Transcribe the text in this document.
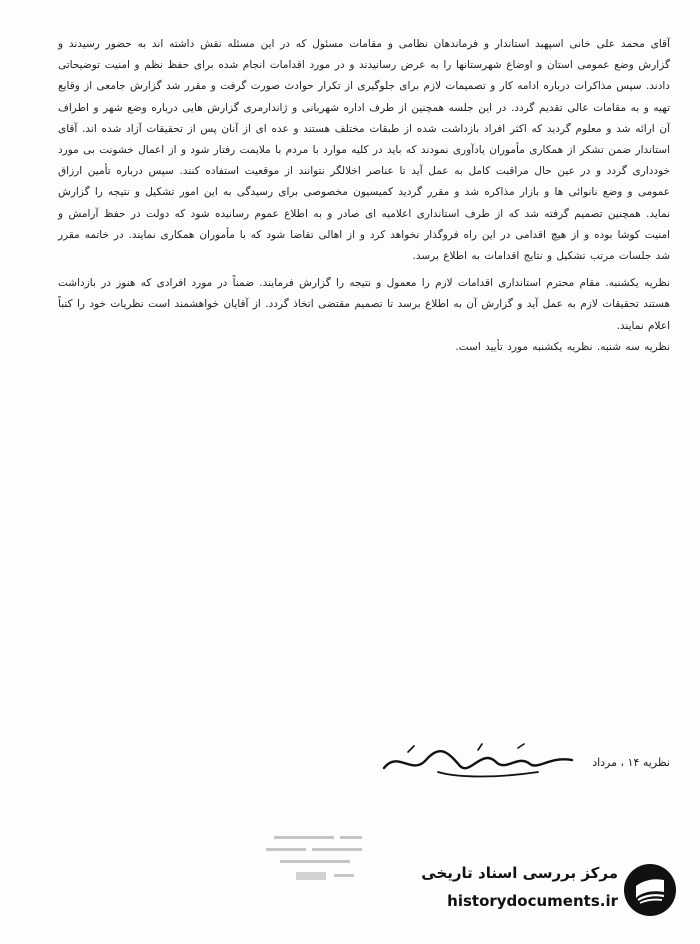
آقای محمد علی خانی اسپهبد استاندار و فرماندهان نظامی و مقامات مسئول که در این مسئله نقش داشته اند به حضور رسیدند و گزارش وضع عمومی استان و اوضاع شهرستانها را به عرض رسانیدند و در مورد اقدامات انجام شده برای حفظ نظم و امنیت توضیحاتی دادند. سپس مذاکرات درباره ادامه کار و تصمیمات لازم برای جلوگیری از تکرار حوادث صورت گرفت و مقرر شد گزارش جامعی از وقایع تهیه و به مقامات عالی تقدیم گردد. در این جلسه همچنین از طرف اداره شهربانی و ژاندارمری گزارش هایی درباره وضع شهر و اطراف آن ارائه شد و معلوم گردید که اکثر افراد بازداشت شده از طبقات مختلف هستند و عده ای از آنان پس از تحقیقات آزاد شده اند. آقای استاندار ضمن تشکر از همکاری مأموران یادآوری نمودند که باید در کلیه موارد با مردم با ملایمت رفتار شود و از اعمال خشونت بی مورد خودداری گردد و در عین حال مراقبت کامل به عمل آید تا عناصر اخلالگر نتوانند از موقعیت استفاده کنند. سپس درباره تأمین ارزاق عمومی و وضع نانوائی ها و بازار مذاکره شد و مقرر گردید کمیسیون مخصوصی برای رسیدگی به این امور تشکیل و نتیجه را گزارش نماید. همچنین تصمیم گرفته شد که از طرف استانداری اعلامیه ای صادر و به اطلاع عموم رسانیده شود که دولت در حفظ آرامش و امنیت کوشا بوده و از هیچ اقدامی در این راه فروگذار نخواهد کرد و از اهالی تقاضا شود که با مأموران همکاری نمایند. در خاتمه مقرر شد جلسات مرتب تشکیل و نتایج اقدامات به اطلاع برسد.

نظریه یکشنبه. مقام محترم استانداری اقدامات لازم را معمول و نتیجه را گزارش فرمایند. ضمناً در مورد افرادی که هنوز در بازداشت هستند تحقیقات لازم به عمل آید و گزارش آن به اطلاع برسد تا تصمیم مقتضی اتخاذ گردد. از آقایان خواهشمند است نظریات خود را کتباً اعلام نمایند.

نظریه سه شنبه. نظریه یکشنبه مورد تأیید است.

نظریه ۱۴ ، مرداد
مرکز بررسی اسناد تاریخی
historydocuments.ir
